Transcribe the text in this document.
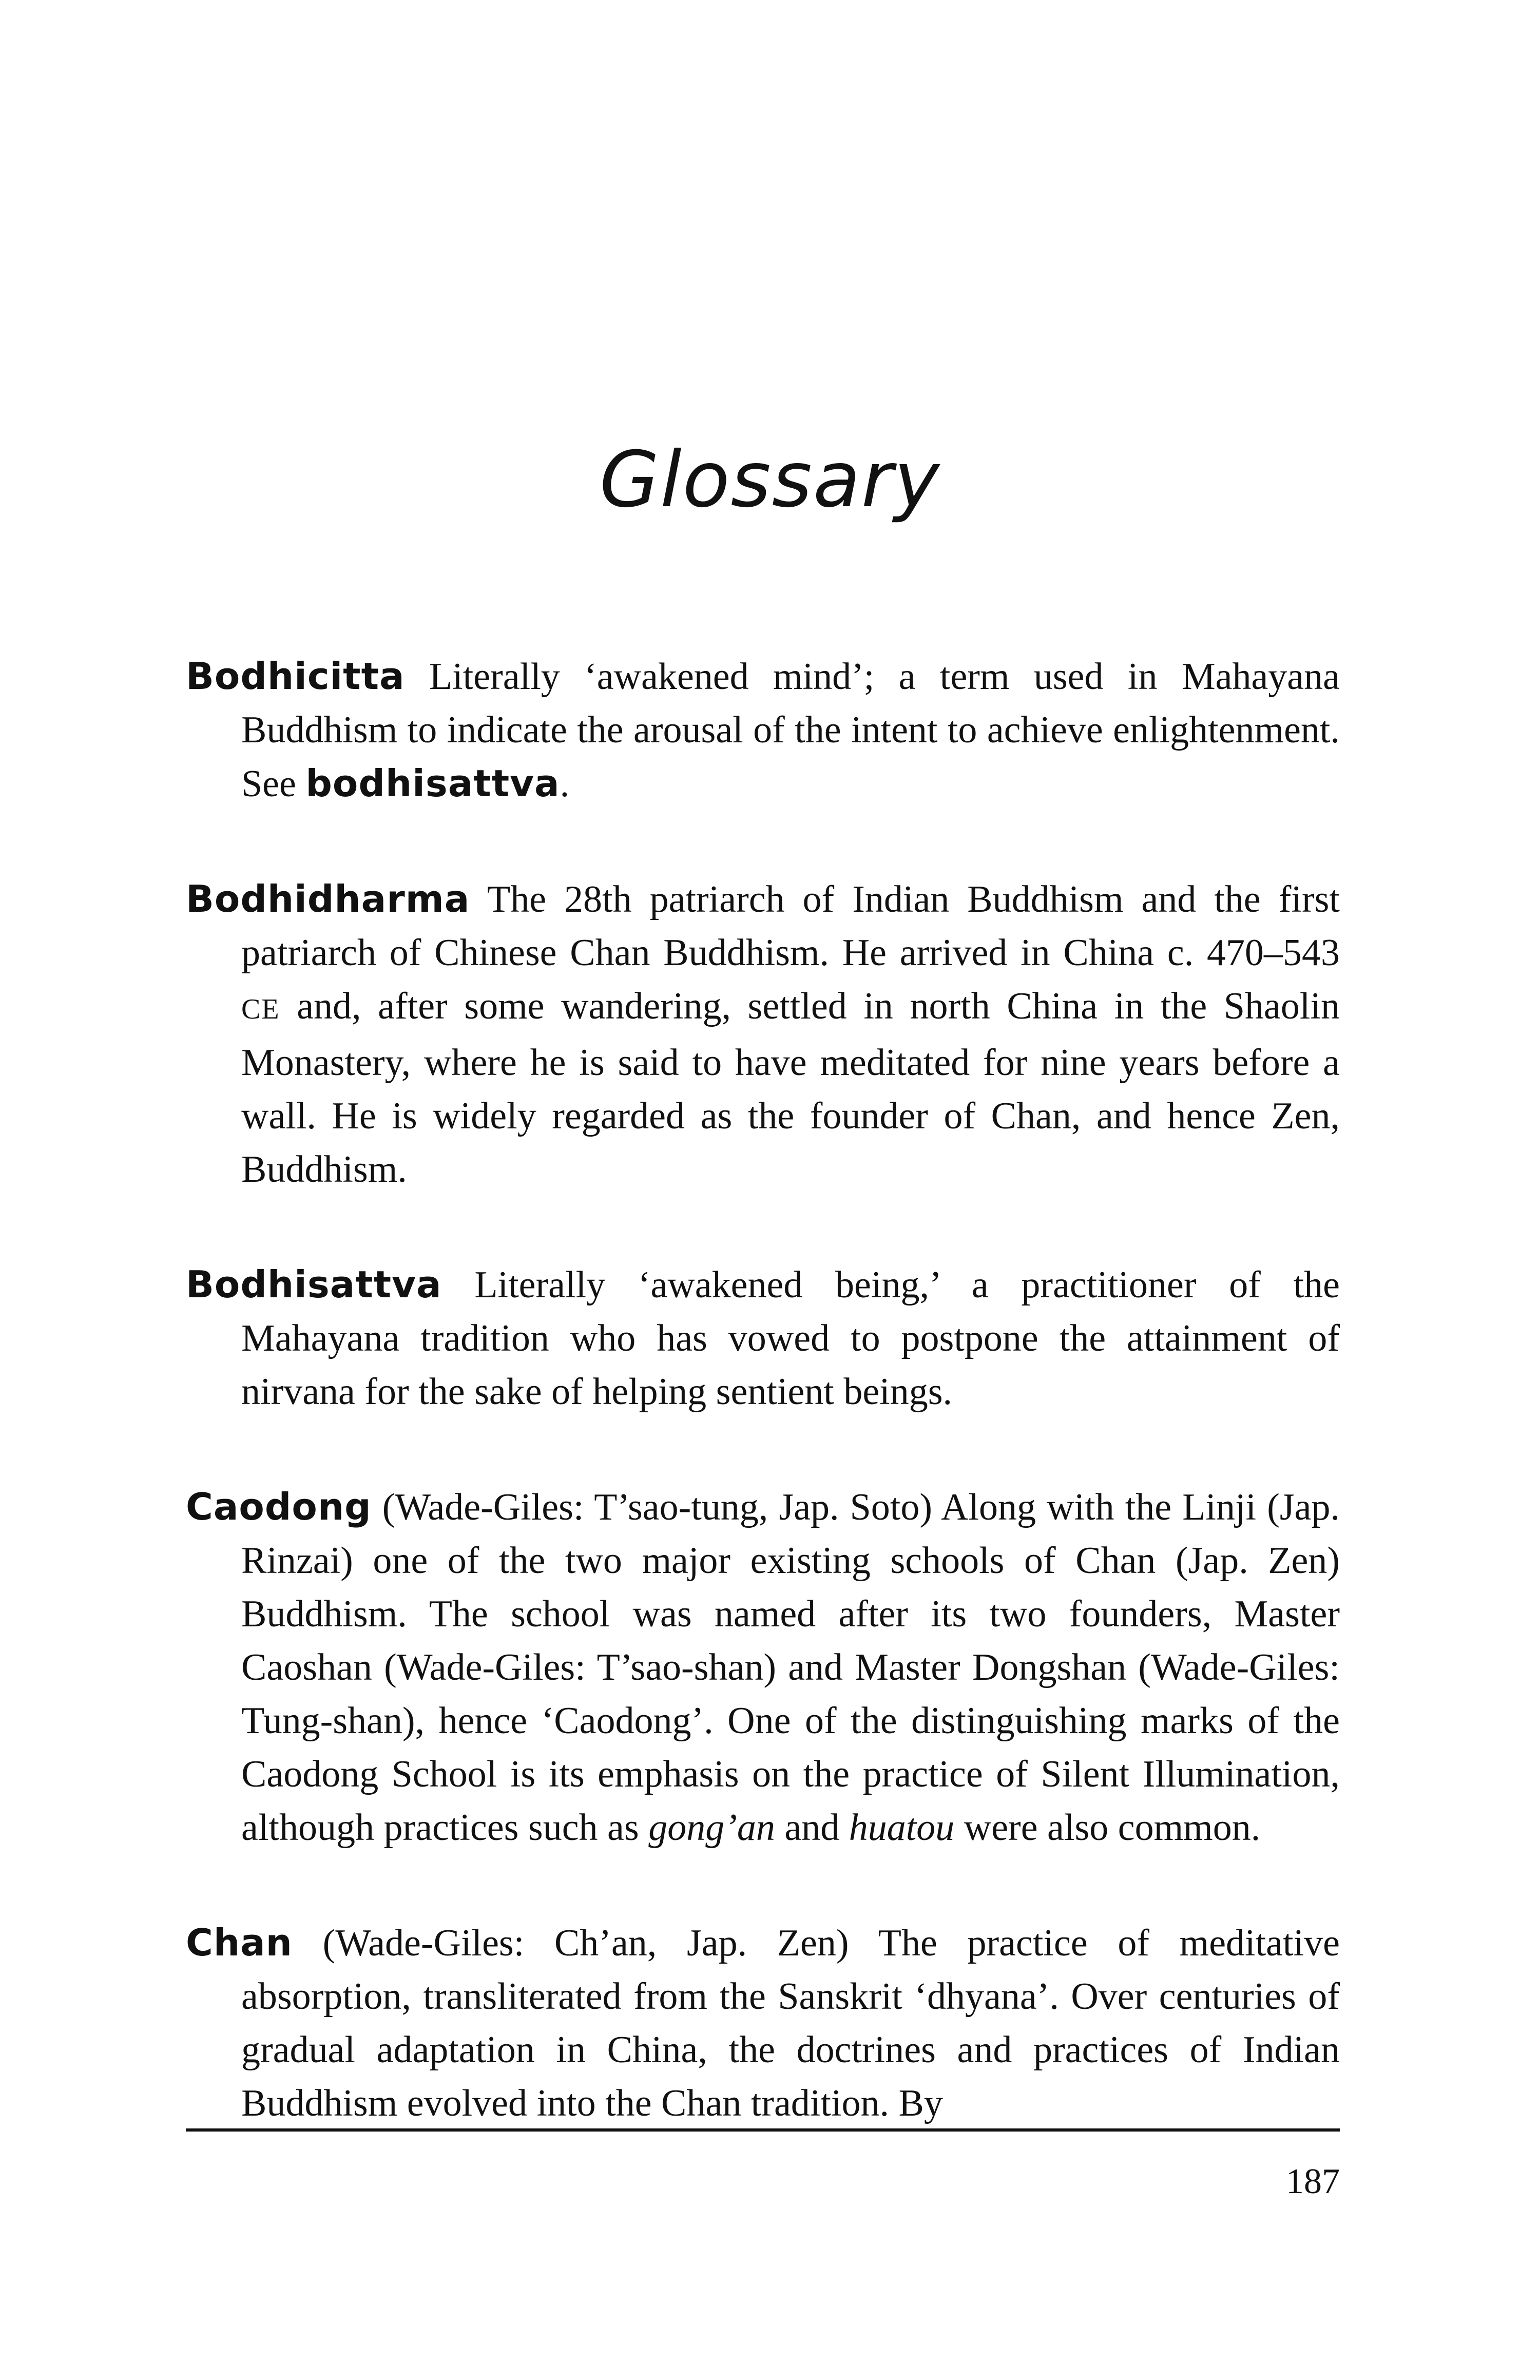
Glossary

Bodhicitta Literally ‘awakened mind’; a term used in Mahayana Buddhism to indicate the arousal of the intent to achieve enlightenment. See bodhisattva.

Bodhidharma The 28th patriarch of Indian Buddhism and the first patriarch of Chinese Chan Buddhism. He arrived in China c. 470–543 CE and, after some wandering, settled in north China in the Shaolin Monastery, where he is said to have meditated for nine years before a wall. He is widely regarded as the founder of Chan, and hence Zen, Buddhism.

Bodhisattva Literally ‘awakened being,’ a practitioner of the Mahayana tradition who has vowed to postpone the attainment of nirvana for the sake of helping sentient beings.

Caodong (Wade-Giles: T’sao-tung, Jap. Soto) Along with the Linji (Jap. Rinzai) one of the two major existing schools of Chan (Jap. Zen) Buddhism. The school was named after its two founders, Master Caoshan (Wade-Giles: T’sao-shan) and Master Dongshan (Wade-Giles: Tung-shan), hence ‘Caodong’. One of the distinguishing marks of the Caodong School is its emphasis on the practice of Silent Illumination, although practices such as gong’an and huatou were also common.

Chan (Wade-Giles: Ch’an, Jap. Zen) The practice of meditative absorption, transliterated from the Sanskrit ‘dhyana’. Over centuries of gradual adaptation in China, the doctrines and practices of Indian Buddhism evolved into the Chan tradition. By

187
